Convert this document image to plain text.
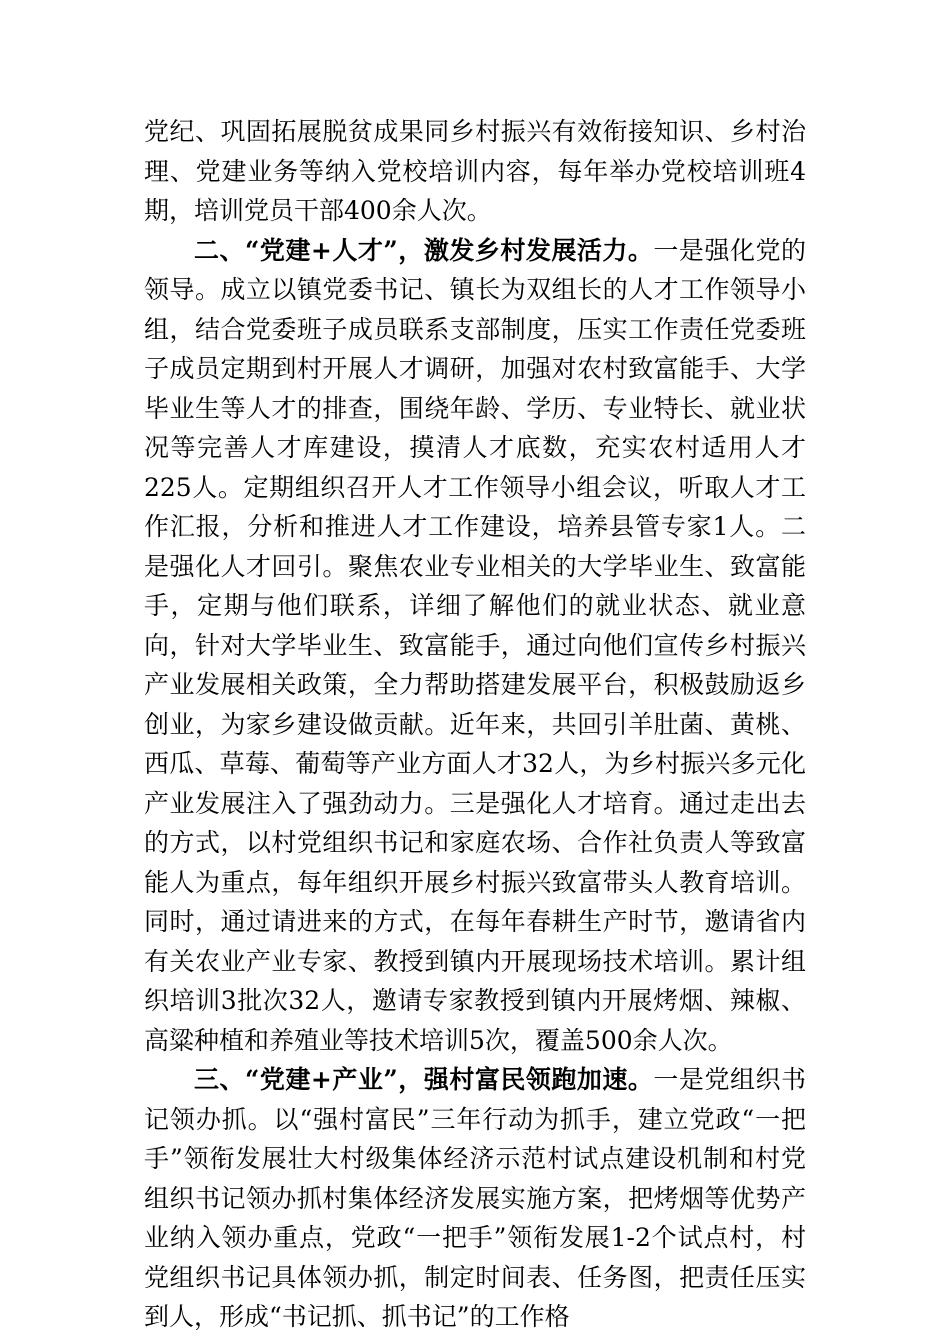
党纪、巩固拓展脱贫成果同乡村振兴有效衔接知识、乡村治理、党建业务等纳入党校培训内容，每年举办党校培训班4期，培训党员干部400余人次。

二、“党建+人才”，激发乡村发展活力。一是强化党的领导。成立以镇党委书记、镇长为双组长的人才工作领导小组，结合党委班子成员联系支部制度，压实工作责任党委班子成员定期到村开展人才调研，加强对农村致富能手、大学毕业生等人才的排查，围绕年龄、学历、专业特长、就业状况等完善人才库建设，摸清人才底数，充实农村适用人才225人。定期组织召开人才工作领导小组会议，听取人才工作汇报，分析和推进人才工作建设，培养县管专家1人。二是强化人才回引。聚焦农业专业相关的大学毕业生、致富能手，定期与他们联系，详细了解他们的就业状态、就业意向，针对大学毕业生、致富能手，通过向他们宣传乡村振兴产业发展相关政策，全力帮助搭建发展平台，积极鼓励返乡创业，为家乡建设做贡献。近年来，共回引羊肚菌、黄桃、西瓜、草莓、葡萄等产业方面人才32人，为乡村振兴多元化产业发展注入了强劲动力。三是强化人才培育。通过走出去的方式，以村党组织书记和家庭农场、合作社负责人等致富能人为重点，每年组织开展乡村振兴致富带头人教育培训。同时，通过请进来的方式，在每年春耕生产时节，邀请省内有关农业产业专家、教授到镇内开展现场技术培训。累计组织培训3批次32人，邀请专家教授到镇内开展烤烟、辣椒、高粱种植和养殖业等技术培训5次，覆盖500余人次。

三、“党建+产业”，强村富民领跑加速。一是党组织书记领办抓。以“强村富民”三年行动为抓手，建立党政“一把手”领衔发展壮大村级集体经济示范村试点建设机制和村党组织书记领办抓村集体经济发展实施方案，把烤烟等优势产业纳入领办重点，党政“一把手”领衔发展1-2个试点村，村党组织书记具体领办抓，制定时间表、任务图，把责任压实到人，形成“书记抓、抓书记”的工作格
